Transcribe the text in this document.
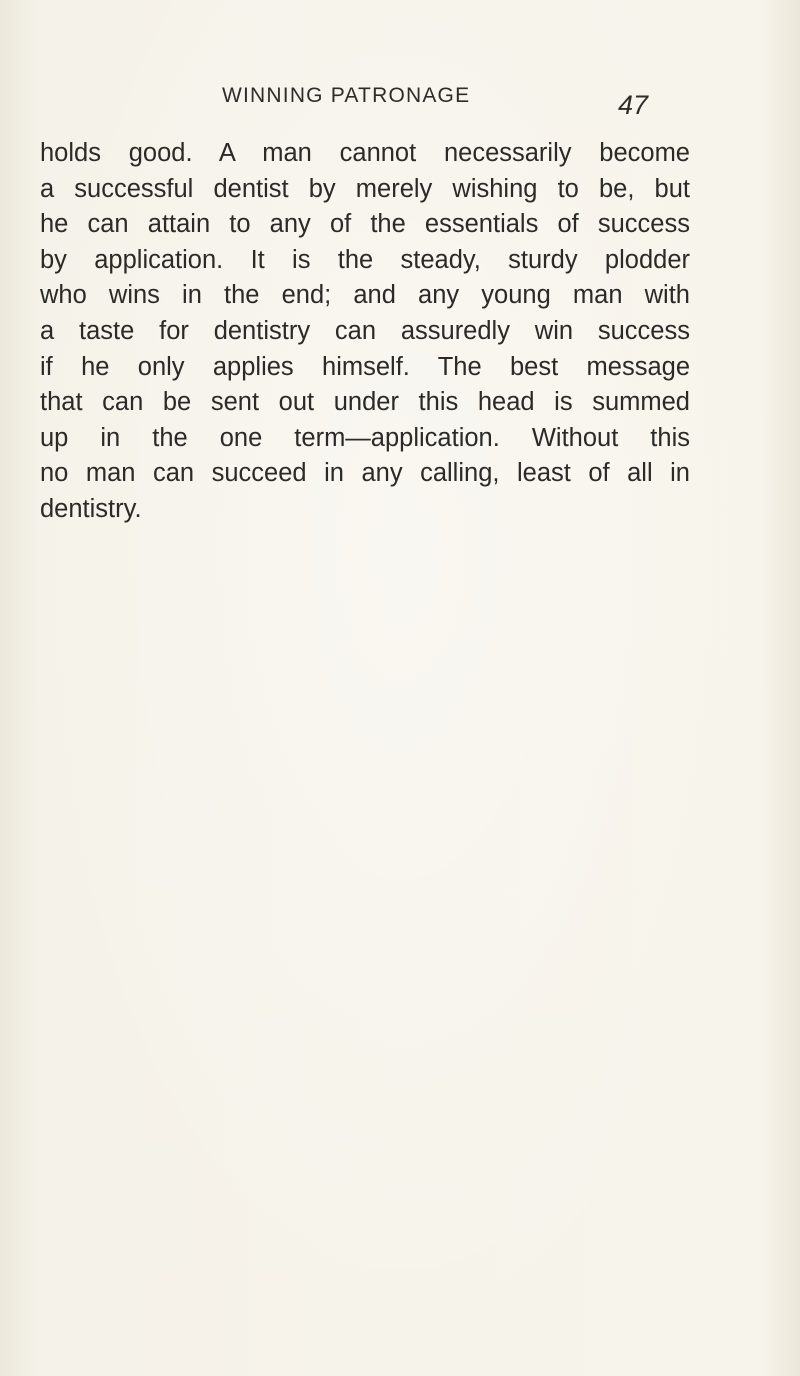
WINNING PATRONAGE	47

holds good. A man cannot necessarily become
a successful dentist by merely wishing to be, but
he can attain to any of the essentials of success
by application. It is the steady, sturdy plodder
who wins in the end; and any young man with
a taste for dentistry can assuredly win success
if he only applies himself. The best message
that can be sent out under this head is summed
up in the one term—application. Without this
no man can succeed in any calling, least of all in
dentistry.
